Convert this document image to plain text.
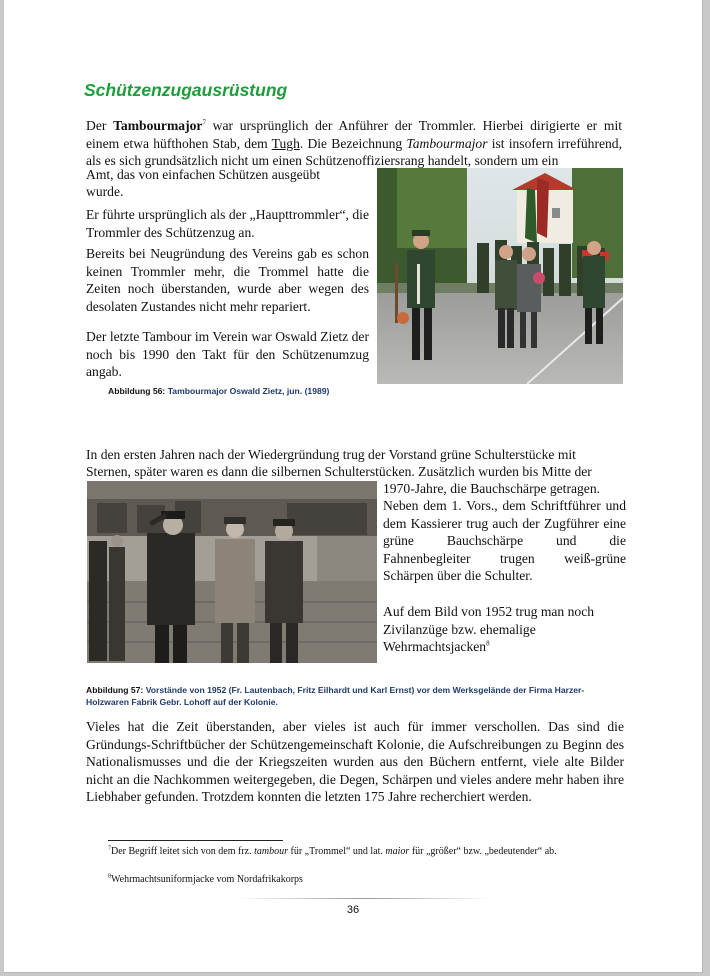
Schützenzugausrüstung

Der Tambourmajor$^7$ war ursprünglich der Anführer der Trommler. Hierbei dirigierte er mit einem etwa hüfthohen Stab, dem Tugh. Die Bezeichnung Tambourmajor ist insofern irreführend, als es sich grundsätzlich nicht um einen Schützenoffiziersrang handelt, sondern um ein

Amt, das von einfachen Schützen ausgeübt

wurde.

Er führte ursprünglich als der „Haupttrommler“, die Trommler des Schützenzug an.

Bereits bei Neugründung des Vereins gab es schon keinen Trommler mehr, die Trommel hatte die Zeiten noch überstanden, wurde aber wegen des desolaten Zustandes nicht mehr repariert.

Der letzte Tambour im Verein war Oswald Zietz der noch bis 1990 den Takt für den Schützenumzug angab.

Abbildung 56: Tambourmajor Oswald Zietz, jun. (1989)

In den ersten Jahren nach der Wiedergründung trug der Vorstand grüne Schulterstücke mit

Sternen, später waren es dann die silbernen Schulterstücken. Zusätzlich wurden bis Mitte der

1970-Jahre, die Bauchschärpe getragen.

Neben dem 1. Vors., dem Schriftführer und dem Kassierer trug auch der Zugführer eine grüne Bauchschärpe und die Fahnenbegleiter trugen weiß-grüne Schärpen über die Schulter.

Auf dem Bild von 1952 trug man noch Zivilanzüge bzw. ehemalige Wehrmachtsjacken$^8$

Abbildung 57: Vorstände von 1952 (Fr. Lautenbach, Fritz Eilhardt und Karl Ernst) vor dem Werksgelände der Firma Harzer-Holzwaren Fabrik Gebr. Lohoff auf der Kolonie.

Vieles hat die Zeit überstanden, aber vieles ist auch für immer verschollen. Das sind die Gründungs-Schriftbücher der Schützengemeinschaft Kolonie, die Aufschreibungen zu Beginn des Nationalismusses und die der Kriegszeiten wurden aus den Büchern entfernt, viele alte Bilder nicht an die Nachkommen weitergegeben, die Degen, Schärpen und vieles andere mehr haben ihre Liebhaber gefunden. Trotzdem konnten die letzten 175 Jahre recherchiert werden.

$^7$Der Begriff leitet sich von dem frz. tambour für „Trommel“ und lat. maior für „größer“ bzw. „bedeutender“ ab.

$^8$Wehrmachtsuniformjacke vom Nordafrikakorps

36
